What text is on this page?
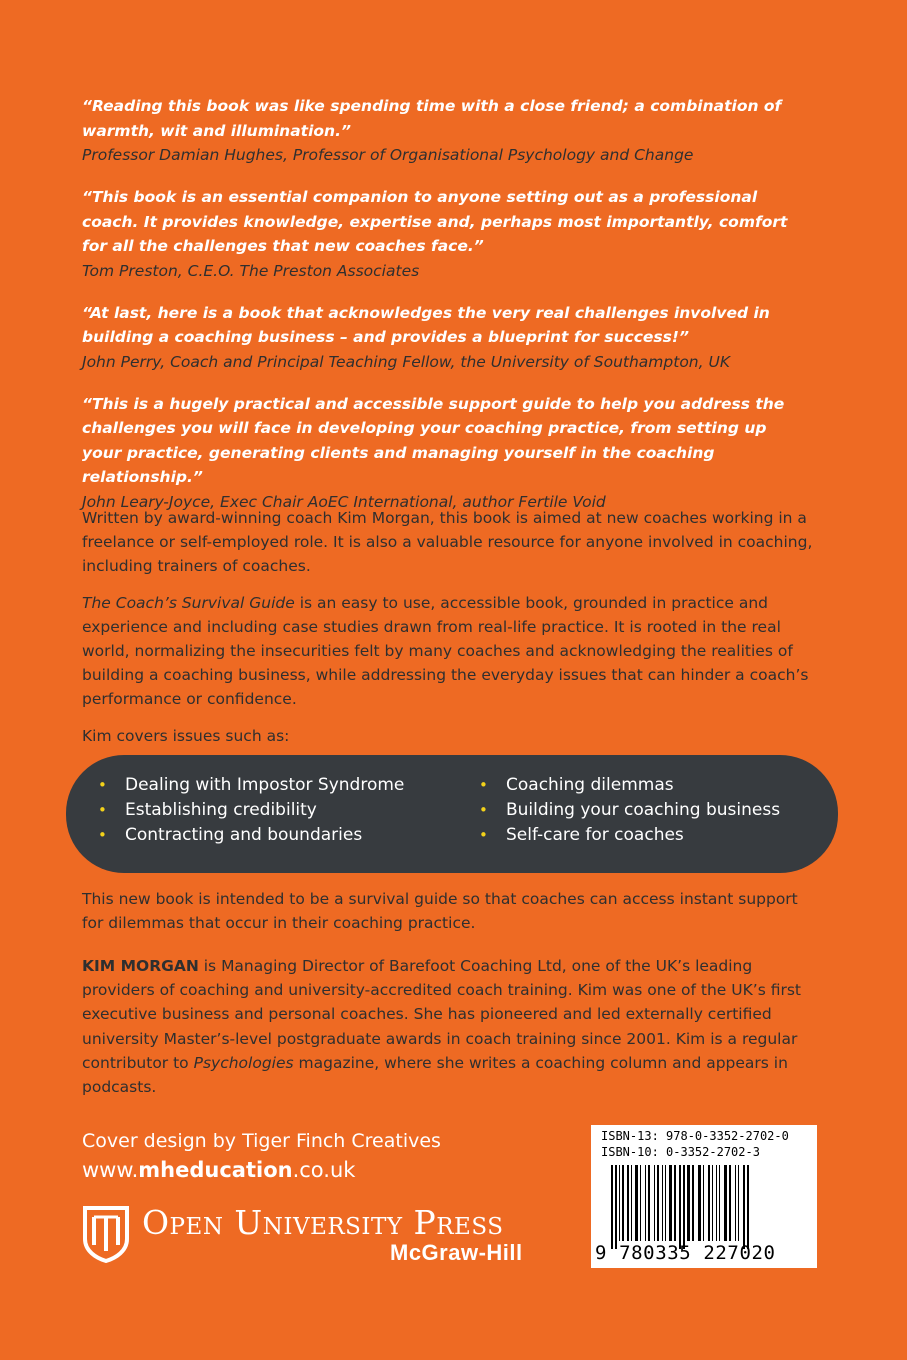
“Reading this book was like spending time with a close friend; a combination of warmth, wit and illumination.”

Professor Damian Hughes, Professor of Organisational Psychology and Change

“This book is an essential companion to anyone setting out as a professional coach. It provides knowledge, expertise and, perhaps most importantly, comfort for all the challenges that new coaches face.”

Tom Preston, C.E.O. The Preston Associates

“At last, here is a book that acknowledges the very real challenges involved in building a coaching business – and provides a blueprint for success!”

John Perry, Coach and Principal Teaching Fellow, the University of Southampton, UK

“This is a hugely practical and accessible support guide to help you address the challenges you will face in developing your coaching practice, from setting up your practice, generating clients and managing yourself in the coaching relationship.”

John Leary-Joyce, Exec Chair AoEC International, author Fertile Void

Written by award-winning coach Kim Morgan, this book is aimed at new coaches working in a freelance or self-employed role. It is also a valuable resource for anyone involved in coaching, including trainers of coaches.

The Coach’s Survival Guide is an easy to use, accessible book, grounded in practice and experience and including case studies drawn from real-life practice. It is rooted in the real world, normalizing the insecurities felt by many coaches and acknowledging the realities of building a coaching business, while addressing the everyday issues that can hinder a coach’s performance or confidence.

Kim covers issues such as:

• Dealing with Impostor Syndrome
• Establishing credibility
• Contracting and boundaries
• Coaching dilemmas
• Building your coaching business
• Self-care for coaches

This new book is intended to be a survival guide so that coaches can access instant support for dilemmas that occur in their coaching practice.

KIM MORGAN is Managing Director of Barefoot Coaching Ltd, one of the UK’s leading providers of coaching and university-accredited coach training. Kim was one of the UK’s first executive business and personal coaches. She has pioneered and led externally certified university Master’s-level postgraduate awards in coach training since 2001. Kim is a regular contributor to Psychologies magazine, where she writes a coaching column and appears in podcasts.

Cover design by Tiger Finch Creatives
www.mheducation.co.uk
Open University Press
McGraw-Hill
ISBN-13: 978-0-3352-2702-0
ISBN-10: 0-3352-2702-3
9 780335 227020
